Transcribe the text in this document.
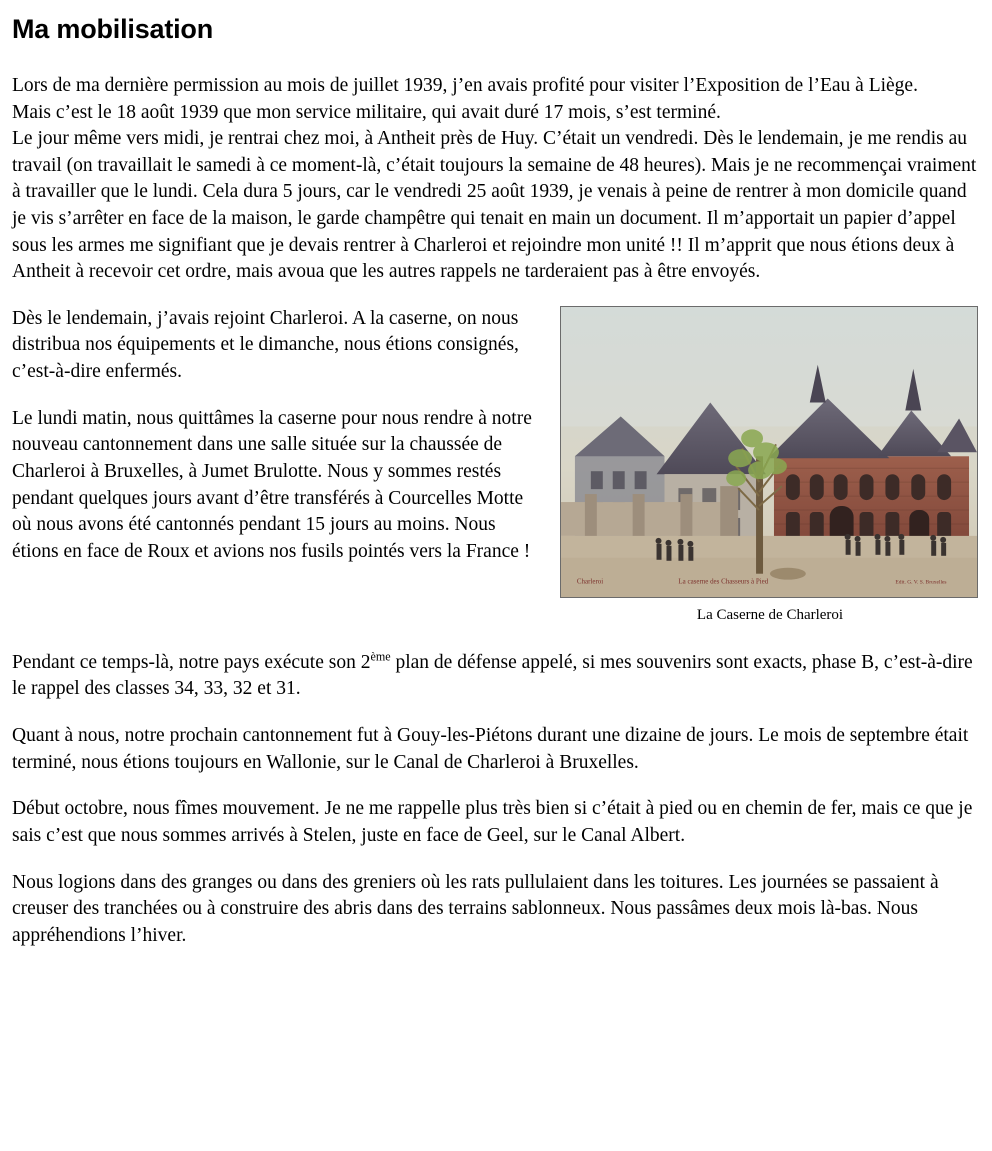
Ma mobilisation

Lors de ma dernière permission au mois de juillet 1939, j’en avais profité pour visiter l’Exposition de l’Eau à Liège.

Mais c’est le 18 août 1939 que mon service militaire, qui avait duré 17 mois, s’est terminé.

Le jour même vers midi, je rentrai chez moi, à Antheit près de Huy. C’était un vendredi. Dès le lendemain, je me rendis au travail (on travaillait le samedi à ce moment-là, c’était toujours la semaine de 48 heures). Mais je ne recommençai vraiment à travailler que le lundi. Cela dura 5 jours, car le vendredi 25 août 1939, je venais à peine de rentrer à mon domicile quand je vis s’arrêter en face de la maison, le garde champêtre qui tenait en main un document. Il m’apportait un papier d’appel sous les armes me signifiant que je devais rentrer à Charleroi et rejoindre mon unité !! Il m’apprit que nous étions deux à Antheit à recevoir cet ordre, mais avoua que les autres rappels ne tarderaient pas à être envoyés.

Charleroi	La caserne des Chasseurs à Pied	Edit. G. V. S. Bruxelles
La Caserne de Charleroi

Dès le lendemain, j’avais rejoint Charleroi. A la caserne, on nous distribua nos équipements et le dimanche, nous étions consignés, c’est-à-dire enfermés.

Le lundi matin, nous quittâmes la caserne pour nous rendre à notre nouveau cantonnement dans une salle située sur la chaussée de Charleroi à Bruxelles, à Jumet Brulotte. Nous y sommes restés pendant quelques jours avant d’être transférés à Courcelles Motte où nous avons été cantonnés pendant 15 jours au moins. Nous étions en face de Roux et avions nos fusils pointés vers la France !

Pendant ce temps-là, notre pays exécute son 2ème plan de défense appelé, si mes souvenirs sont exacts, phase B, c’est-à-dire le rappel des classes 34, 33, 32 et 31.

Quant à nous, notre prochain cantonnement fut à Gouy-les-Piétons durant une dizaine de jours. Le mois de septembre était terminé, nous étions toujours en Wallonie, sur le Canal de Charleroi à Bruxelles.

Début octobre, nous fîmes mouvement. Je ne me rappelle plus très bien si c’était à pied ou en chemin de fer, mais ce que je sais c’est que nous sommes arrivés à Stelen, juste en face de Geel, sur le Canal Albert.

Nous logions dans des granges ou dans des greniers où les rats pullulaient dans les toitures. Les journées se passaient à creuser des tranchées ou à construire des abris dans des terrains sablonneux. Nous passâmes deux mois là-bas. Nous appréhendions l’hiver.
